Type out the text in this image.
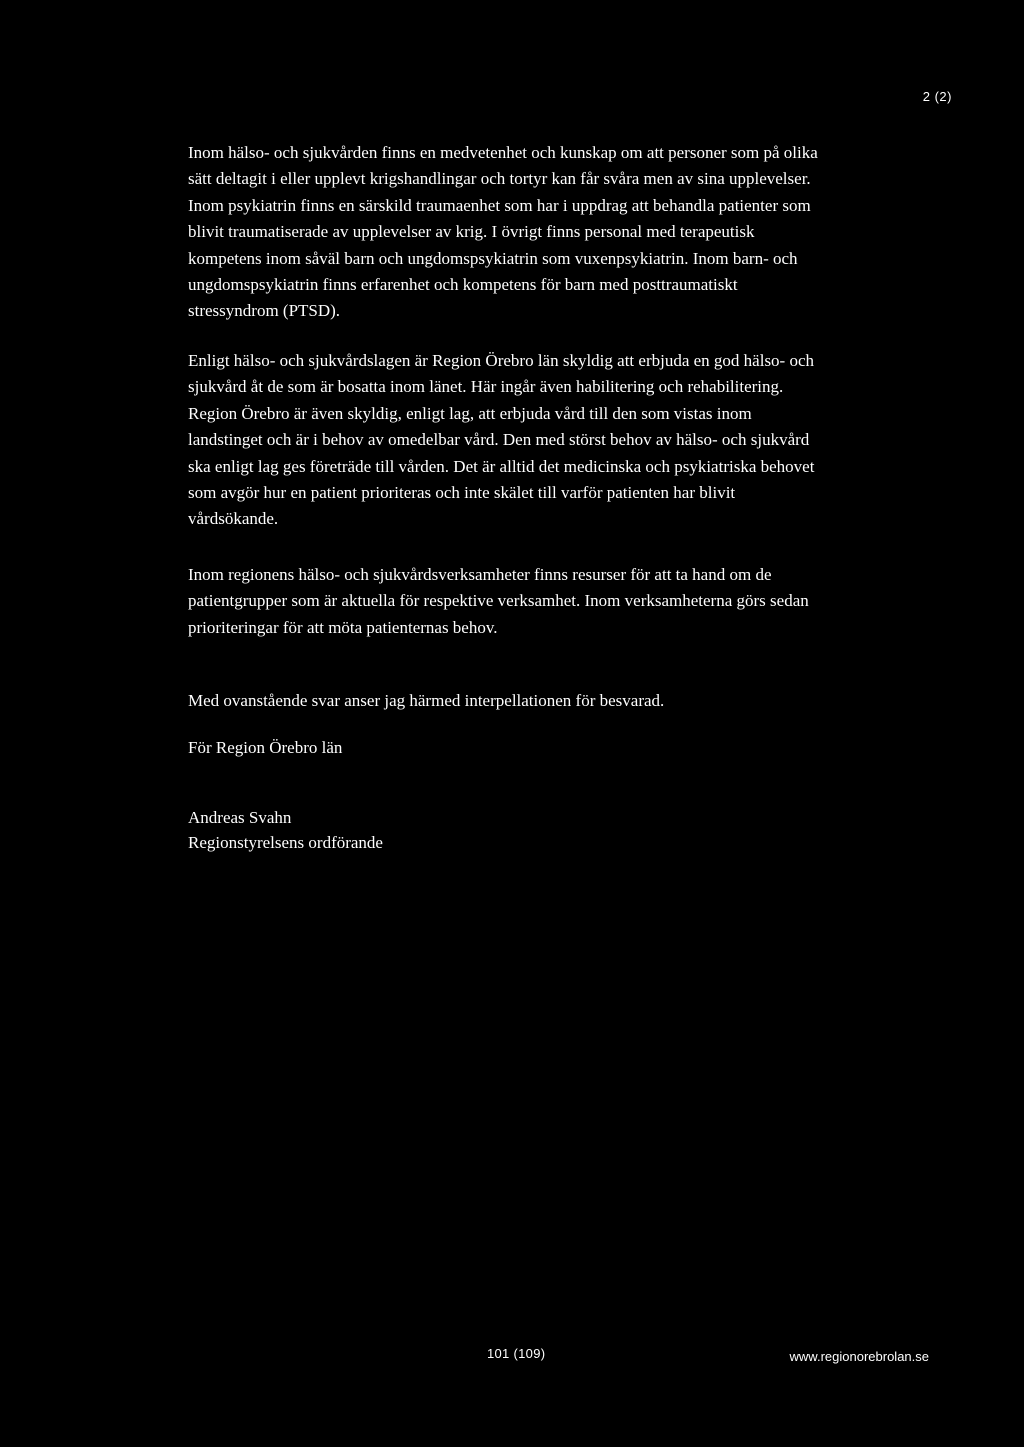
2 (2)

Inom hälso- och sjukvården finns en medvetenhet och kunskap om att personer som på olika sätt deltagit i eller upplevt krigshandlingar och tortyr kan får svåra men av sina upplevelser. Inom psykiatrin finns en särskild traumaenhet som har i uppdrag att behandla patienter som blivit traumatiserade av upplevelser av krig. I övrigt finns personal med terapeutisk kompetens inom såväl barn och ungdomspsykiatrin som vuxenpsykiatrin. Inom barn- och ungdomspsykiatrin finns erfarenhet och kompetens för barn med posttraumatiskt stressyndrom (PTSD).

Enligt hälso- och sjukvårdslagen är Region Örebro län skyldig att erbjuda en god hälso- och sjukvård åt de som är bosatta inom länet. Här ingår även habilitering och rehabilitering. Region Örebro är även skyldig, enligt lag, att erbjuda vård till den som vistas inom landstinget och är i behov av omedelbar vård. Den med störst behov av hälso- och sjukvård ska enligt lag ges företräde till vården. Det är alltid det medicinska och psykiatriska behovet som avgör hur en patient prioriteras och inte skälet till varför patienten har blivit vårdsökande.

Inom regionens hälso- och sjukvårdsverksamheter finns resurser för att ta hand om de patientgrupper som är aktuella för respektive verksamhet. Inom verksamheterna görs sedan prioriteringar för att möta patienternas behov.

Med ovanstående svar anser jag härmed interpellationen för besvarad.

För Region Örebro län

Andreas Svahn

Regionstyrelsens ordförande

101 (109)	www.regionorebrolan.se
